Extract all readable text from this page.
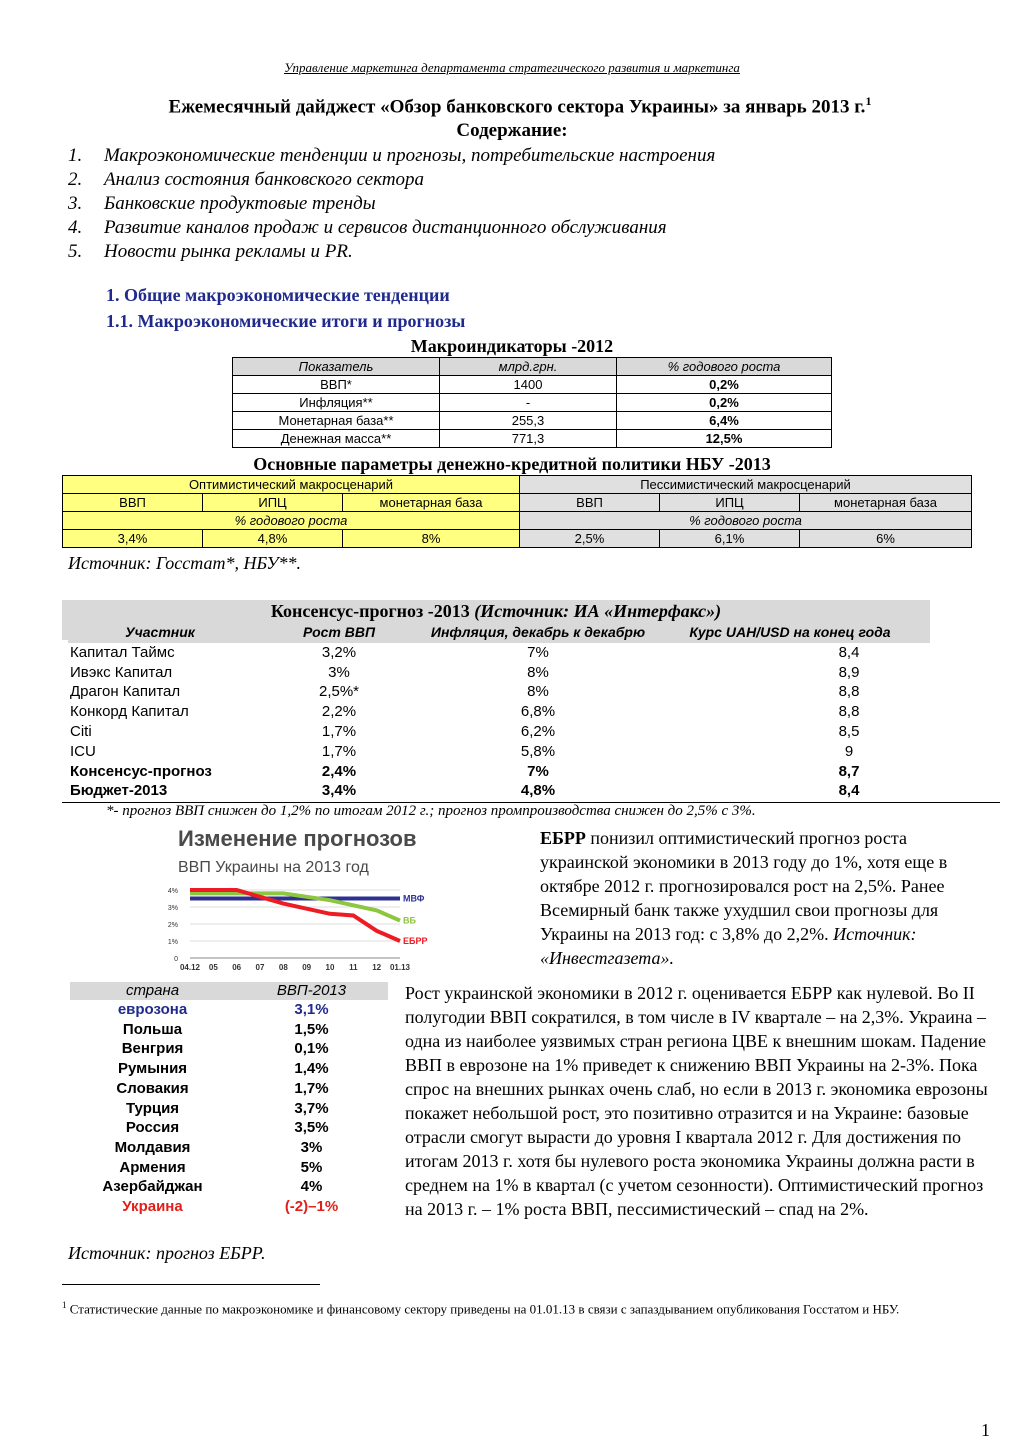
Управление маркетинга департамента стратегического развития и маркетинга
Ежемесячный дайджест «Обзор банковского сектора Украины» за январь 2013 г.$^1$
Содержание:
1. Макроэкономические тенденции и прогнозы, потребительские настроения
2. Анализ состояния банковского сектора
3. Банковские продуктовые тренды
4. Развитие каналов продаж и сервисов дистанционного обслуживания
5. Новости рынка рекламы и PR.
1. Общие макроэкономические тенденции
1.1. Макроэкономические итоги и прогнозы
Макроиндикаторы -2012
Показатель	млрд.грн.	% годового роста
ВВП*	1400	0,2%
Инфляция**	-	0,2%
Монетарная база**	255,3	6,4%
Денежная масса**	771,3	12,5%
Основные параметры денежно-кредитной политики НБУ -2013
Оптимистический макросценарий			Пессимистический макросценарий		
ВВП	ИПЦ	монетарная база	ВВП	ИПЦ	монетарная база
% годового роста			% годового роста		
3,4%	4,8%	8%	2,5%	6,1%	6%
Источник: Госстат*, НБУ**.
Консенсус-прогноз -2013 (Источник: ИА «Интерфакс»)
Участник	Рост ВВП	Инфляция, декабрь к декабрю	Курс UAH/USD на конец года
Капитал Таймс	3,2%	7%	8,4
Ивэкс Капитал	3%	8%	8,9
Драгон Капитал	2,5%*	8%	8,8
Конкорд Капитал	2,2%	6,8%	8,8
Citi	1,7%	6,2%	8,5
ICU	1,7%	5,8%	9
Консенсус-прогноз	2,4%	7%	8,7
Бюджет-2013	3,4%	4,8%	8,4
*- прогноз ВВП снижен до 1,2% по итогам 2012 г.; прогноз промпроизводства снижен до 2,5% с 3%.
Изменение прогнозов
ВВП Украины на 2013 год
0
1%
2%
3%
4%
04.12 05 06 07 08 09 10 11 12 01.13
МВФ
ВБ
ЕБРР
ЕБРР понизил оптимистический прогноз роста украинской экономики в 2013 году до 1%, хотя еще в октябре 2012 г. прогнозировался рост на 2,5%. Ранее Всемирный банк также ухудшил свои прогнозы для Украины на 2013 год: с 3,8% до 2,2%. Источник: «Инвестгазета».
страна	ВВП-2013
еврозона	3,1%
Польша	1,5%
Венгрия	0,1%
Румыния	1,4%
Словакия	1,7%
Турция	3,7%
Россия	3,5%
Молдавия	3%
Армения	5%
Азербайджан	4%
Украина	(-2)–1%
Рост украинской экономики в 2012 г. оценивается ЕБРР как нулевой. Во II полугодии ВВП сократился, в том числе в IV квартале – на 2,3%. Украина – одна из наиболее уязвимых стран региона ЦВЕ к внешним шокам. Падение ВВП в еврозоне на 1% приведет к снижению ВВП Украины на 2-3%. Пока спрос на внешних рынках очень слаб, но если в 2013 г. экономика еврозоны покажет небольшой рост, это позитивно отразится и на Украине: базовые отрасли смогут вырасти до уровня I квартала 2012 г. Для достижения по итогам 2013 г. хотя бы нулевого роста экономика Украины должна расти в среднем на 1% в квартал (с учетом сезонности). Оптимистический прогноз на 2013 г. – 1% роста ВВП, пессимистический – спад на 2%.
Источник: прогноз ЕБРР.
$^1$ Статистические данные по макроэкономике и финансовому сектору приведены на 01.01.13 в связи с запаздыванием опубликования Госстатом и НБУ.
1
